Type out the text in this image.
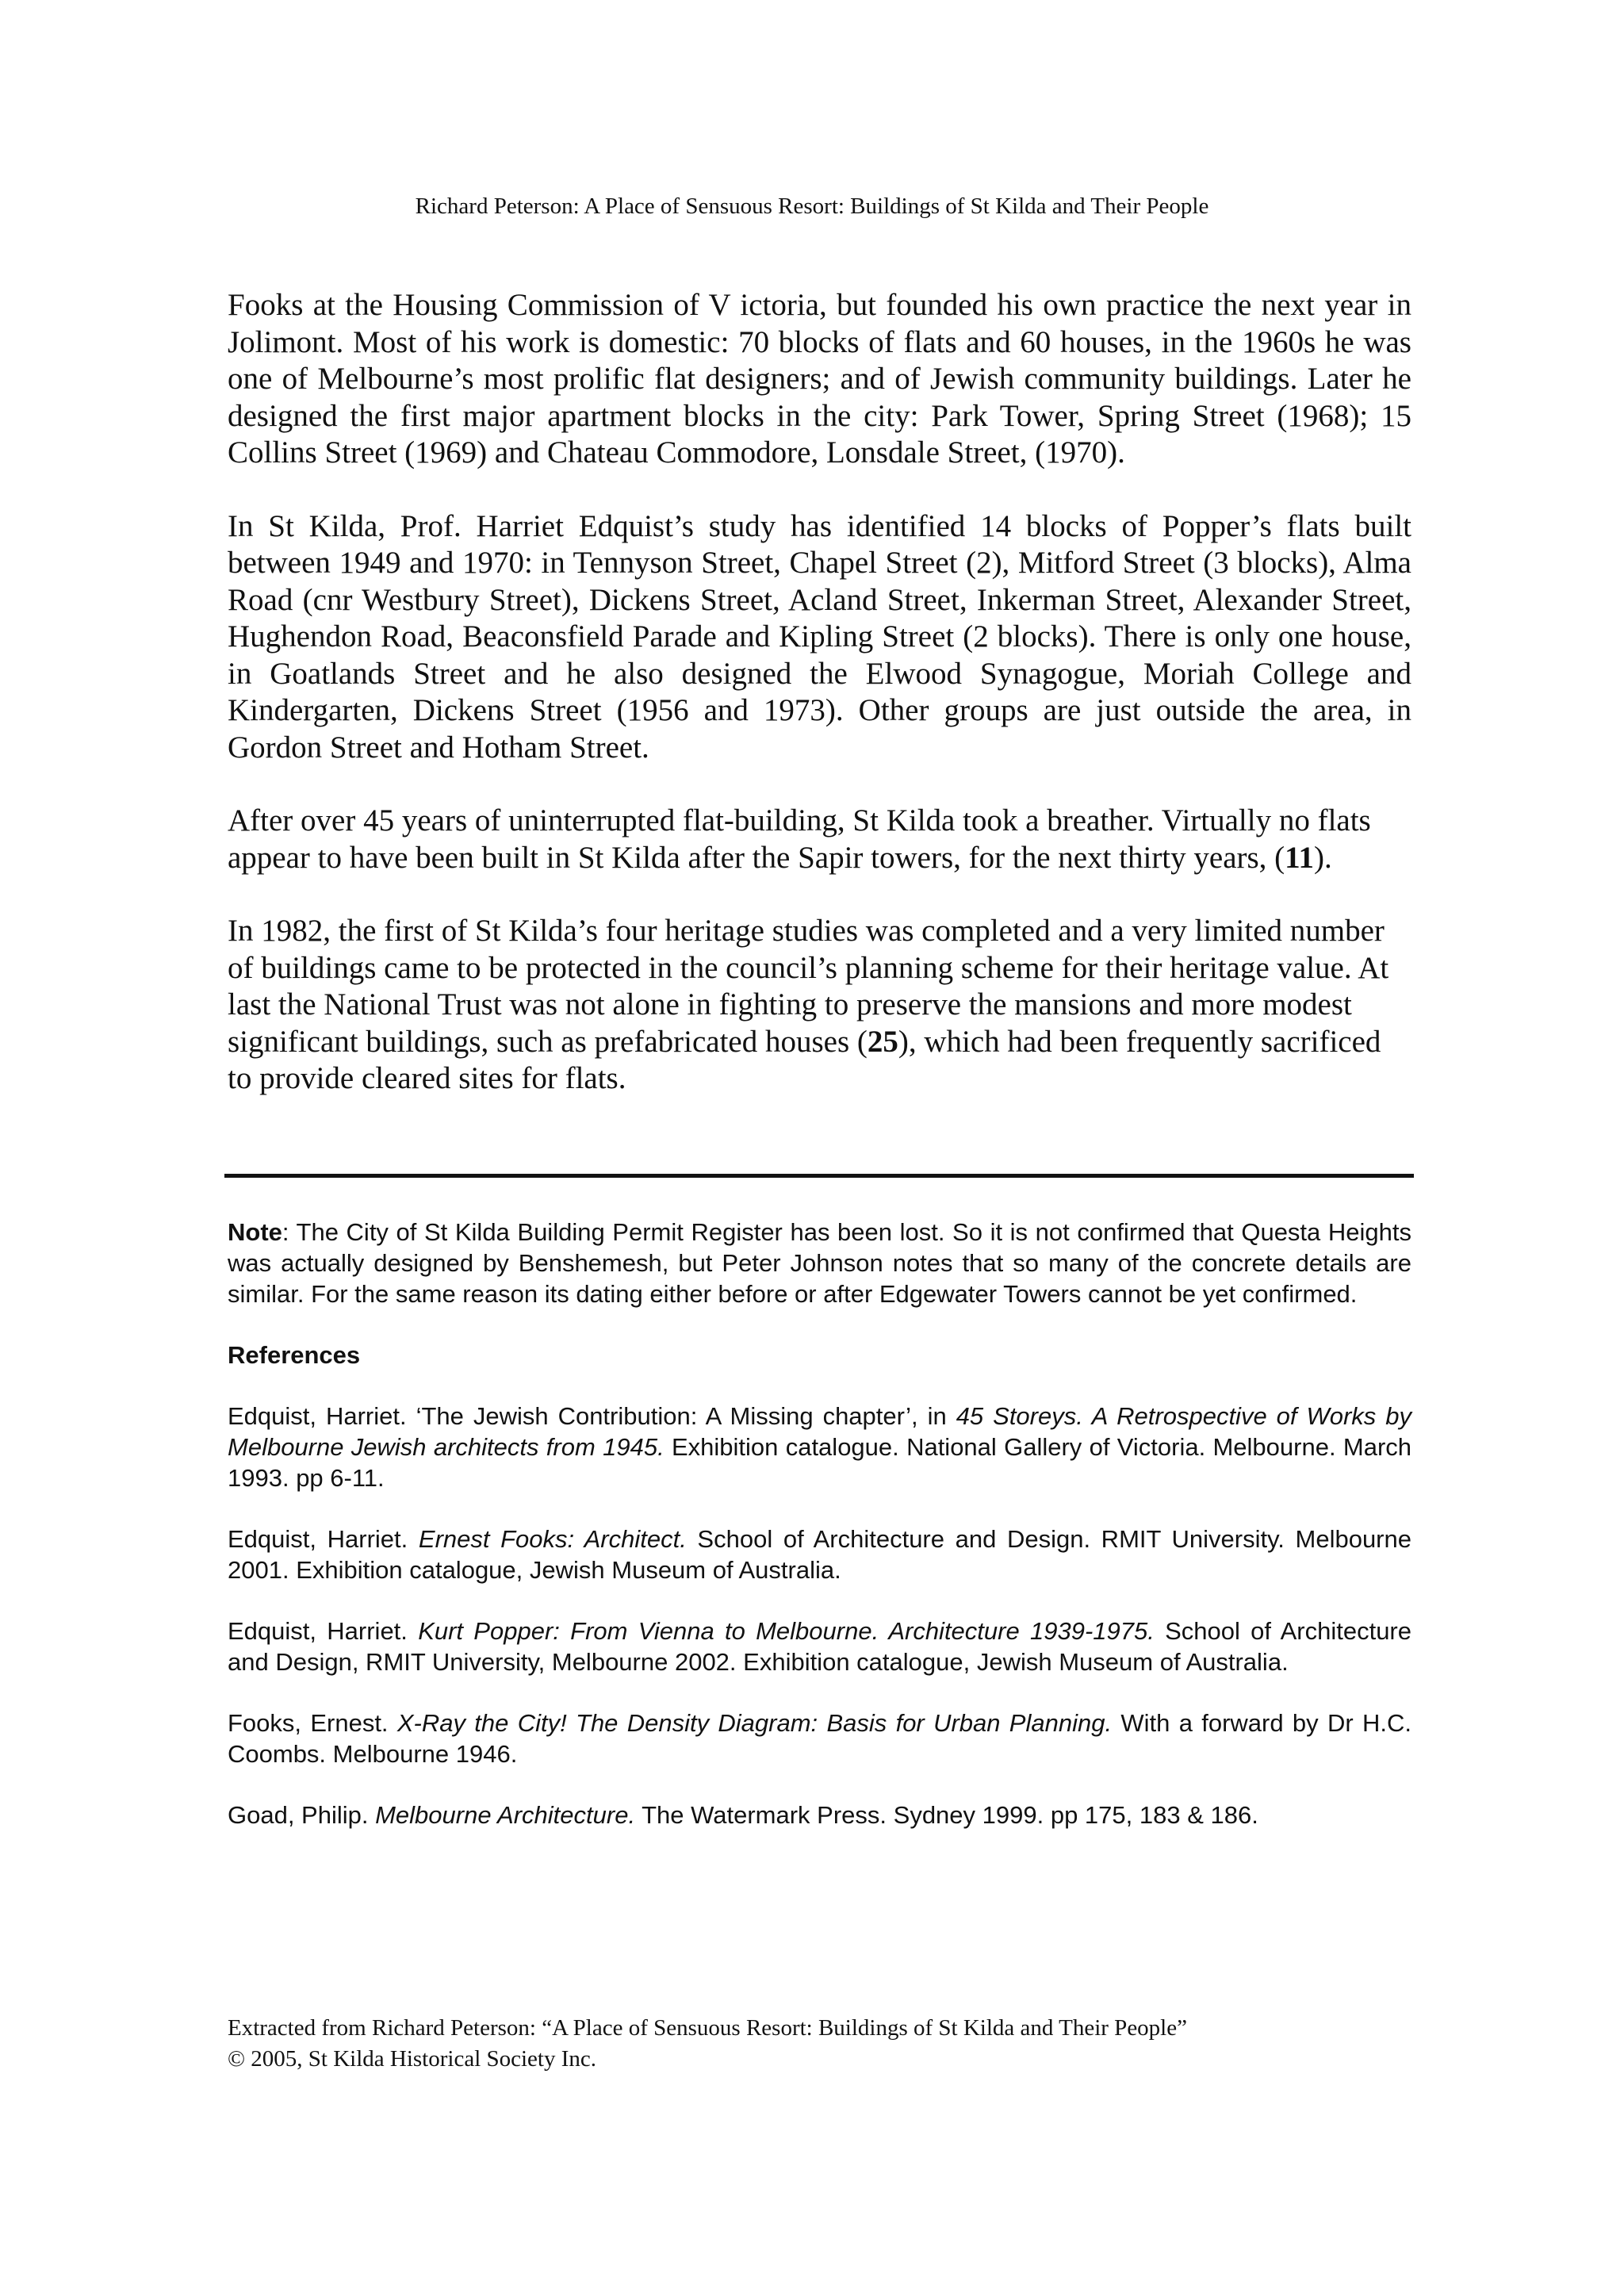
Richard Peterson: A Place of Sensuous Resort: Buildings of St Kilda and Their People

Fooks at the Housing Commission of V ictoria, but founded his own practice the next year in Jolimont. Most of his work is domestic: 70 blocks of flats and 60 houses, in the 1960s he was one of Melbourne’s most prolific flat designers; and of Jewish community buildings. Later he designed the first major apartment blocks in the city: Park Tower, Spring Street (1968); 15 Collins Street (1969) and Chateau Commodore, Lonsdale Street, (1970).

In St Kilda, Prof. Harriet Edquist’s study has identified 14 blocks of Popper’s flats built between 1949 and 1970: in Tennyson Street, Chapel Street (2), Mitford Street (3 blocks), Alma Road (cnr Westbury Street), Dickens Street, Acland Street, Inkerman Street, Alexander Street, Hughendon Road, Beaconsfield Parade and Kipling Street (2 blocks). There is only one house, in Goatlands Street and he also designed the Elwood Synagogue, Moriah College and Kindergarten, Dickens Street (1956 and 1973). Other groups are just outside the area, in Gordon Street and Hotham Street.

After over 45 years of uninterrupted flat-building, St Kilda took a breather. Virtually no flats appear to have been built in St Kilda after the Sapir towers, for the next thirty years, (11).

In 1982, the first of St Kilda’s four heritage studies was completed and a very limited number of buildings came to be protected in the council’s planning scheme for their heritage value. At last the National Trust was not alone in fighting to preserve the mansions and more modest significant buildings, such as prefabricated houses (25), which had been frequently sacrificed to provide cleared sites for flats.

Note: The City of St Kilda Building Permit Register has been lost. So it is not confirmed that Questa Heights was actually designed by Benshemesh, but Peter Johnson notes that so many of the concrete details are similar. For the same reason its dating either before or after Edgewater Towers cannot be yet confirmed.

References

Edquist, Harriet. ‘The Jewish Contribution: A Missing chapter’, in 45 Storeys. A Retrospective of Works by Melbourne Jewish architects from 1945. Exhibition catalogue. National Gallery of Victoria. Melbourne. March 1993. pp 6-11.

Edquist, Harriet. Ernest Fooks: Architect. School of Architecture and Design. RMIT University. Melbourne 2001. Exhibition catalogue, Jewish Museum of Australia.

Edquist, Harriet. Kurt Popper: From Vienna to Melbourne. Architecture 1939-1975. School of Architecture and Design, RMIT University, Melbourne 2002. Exhibition catalogue, Jewish Museum of Australia.

Fooks, Ernest. X-Ray the City! The Density Diagram: Basis for Urban Planning. With a forward by Dr H.C. Coombs. Melbourne 1946.

Goad, Philip. Melbourne Architecture. The Watermark Press. Sydney 1999. pp 175, 183 & 186.

Extracted from Richard Peterson: “A Place of Sensuous Resort: Buildings of St Kilda and Their People”
© 2005, St Kilda Historical Society Inc.
